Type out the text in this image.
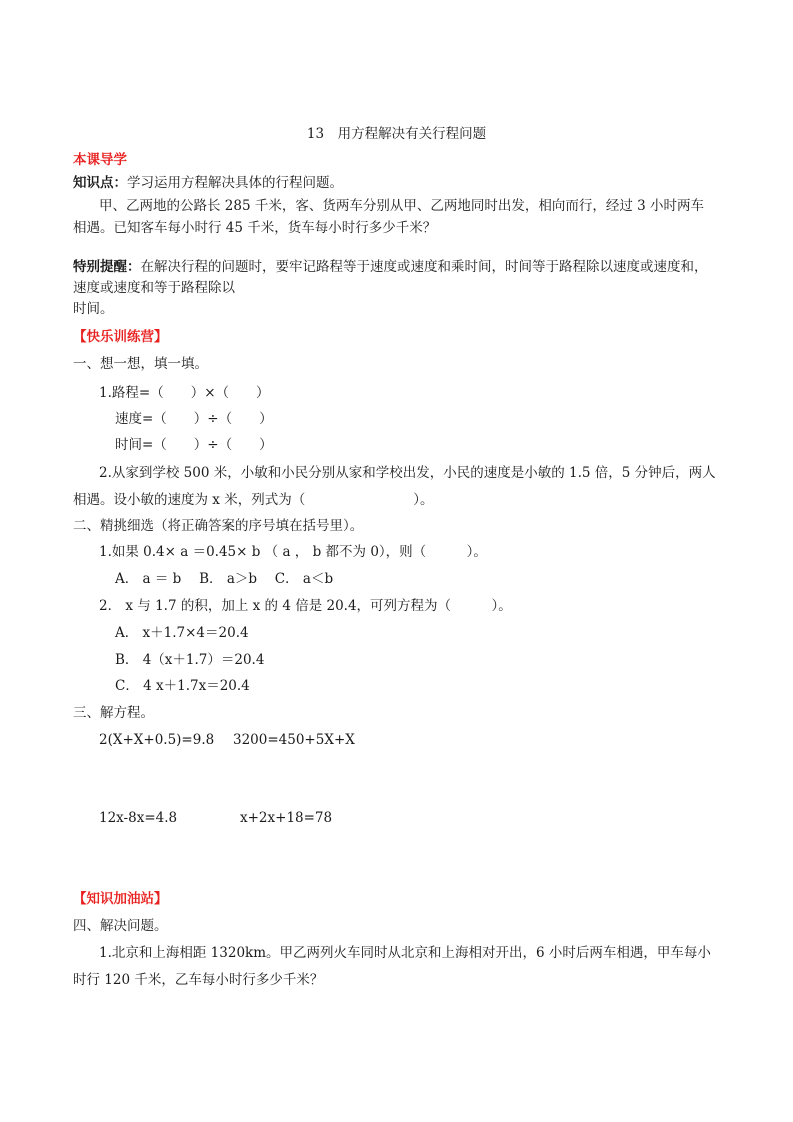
13　用方程解决有关行程问题
本课导学
知识点：学习运用方程解决具体的行程问题。
甲、乙两地的公路长 285 千米，客、货两车分别从甲、乙两地同时出发，相向而行，经过 3 小时两车
相遇。已知客车每小时行 45 千米，货车每小时行多少千米？
特别提醒：在解决行程的问题时，要牢记路程等于速度或速度和乘时间，时间等于路程除以速度或速度和，
速度或速度和等于路程除以
时间。
【快乐训练营】
一、想一想，填一填。
1.路程=（　　）×（　　）
速度=（　　）÷（　　）
时间=（　　）÷（　　）
2.从家到学校 500 米，小敏和小民分别从家和学校出发，小民的速度是小敏的 1.5 倍，5 分钟后，两人
相遇。设小敏的速度为 x 米，列式为（　　　　　　　　）。
二、精挑细选（将正确答案的序号填在括号里）。
1.如果 0.4× a ＝0.45× b （ a ， b 都不为 0），则（　　　）。
A． a ＝ b　 B． a＞b　 C． a＜b
2． x 与 1.7 的积，加上 x 的 4 倍是 20.4，可列方程为（　　　）。
A． x＋1.7×4＝20.4
B． 4（x＋1.7）＝20.4
C． 4 x＋1.7x＝20.4
三、解方程。
2(X+X+0.5)=9.8 3200=450+5X+X
12x-8x=4.8	x+2x+18=78
【知识加油站】
四、解决问题。
1.北京和上海相距 1320km。甲乙两列火车同时从北京和上海相对开出，6 小时后两车相遇，甲车每小
时行 120 千米，乙车每小时行多少千米？
